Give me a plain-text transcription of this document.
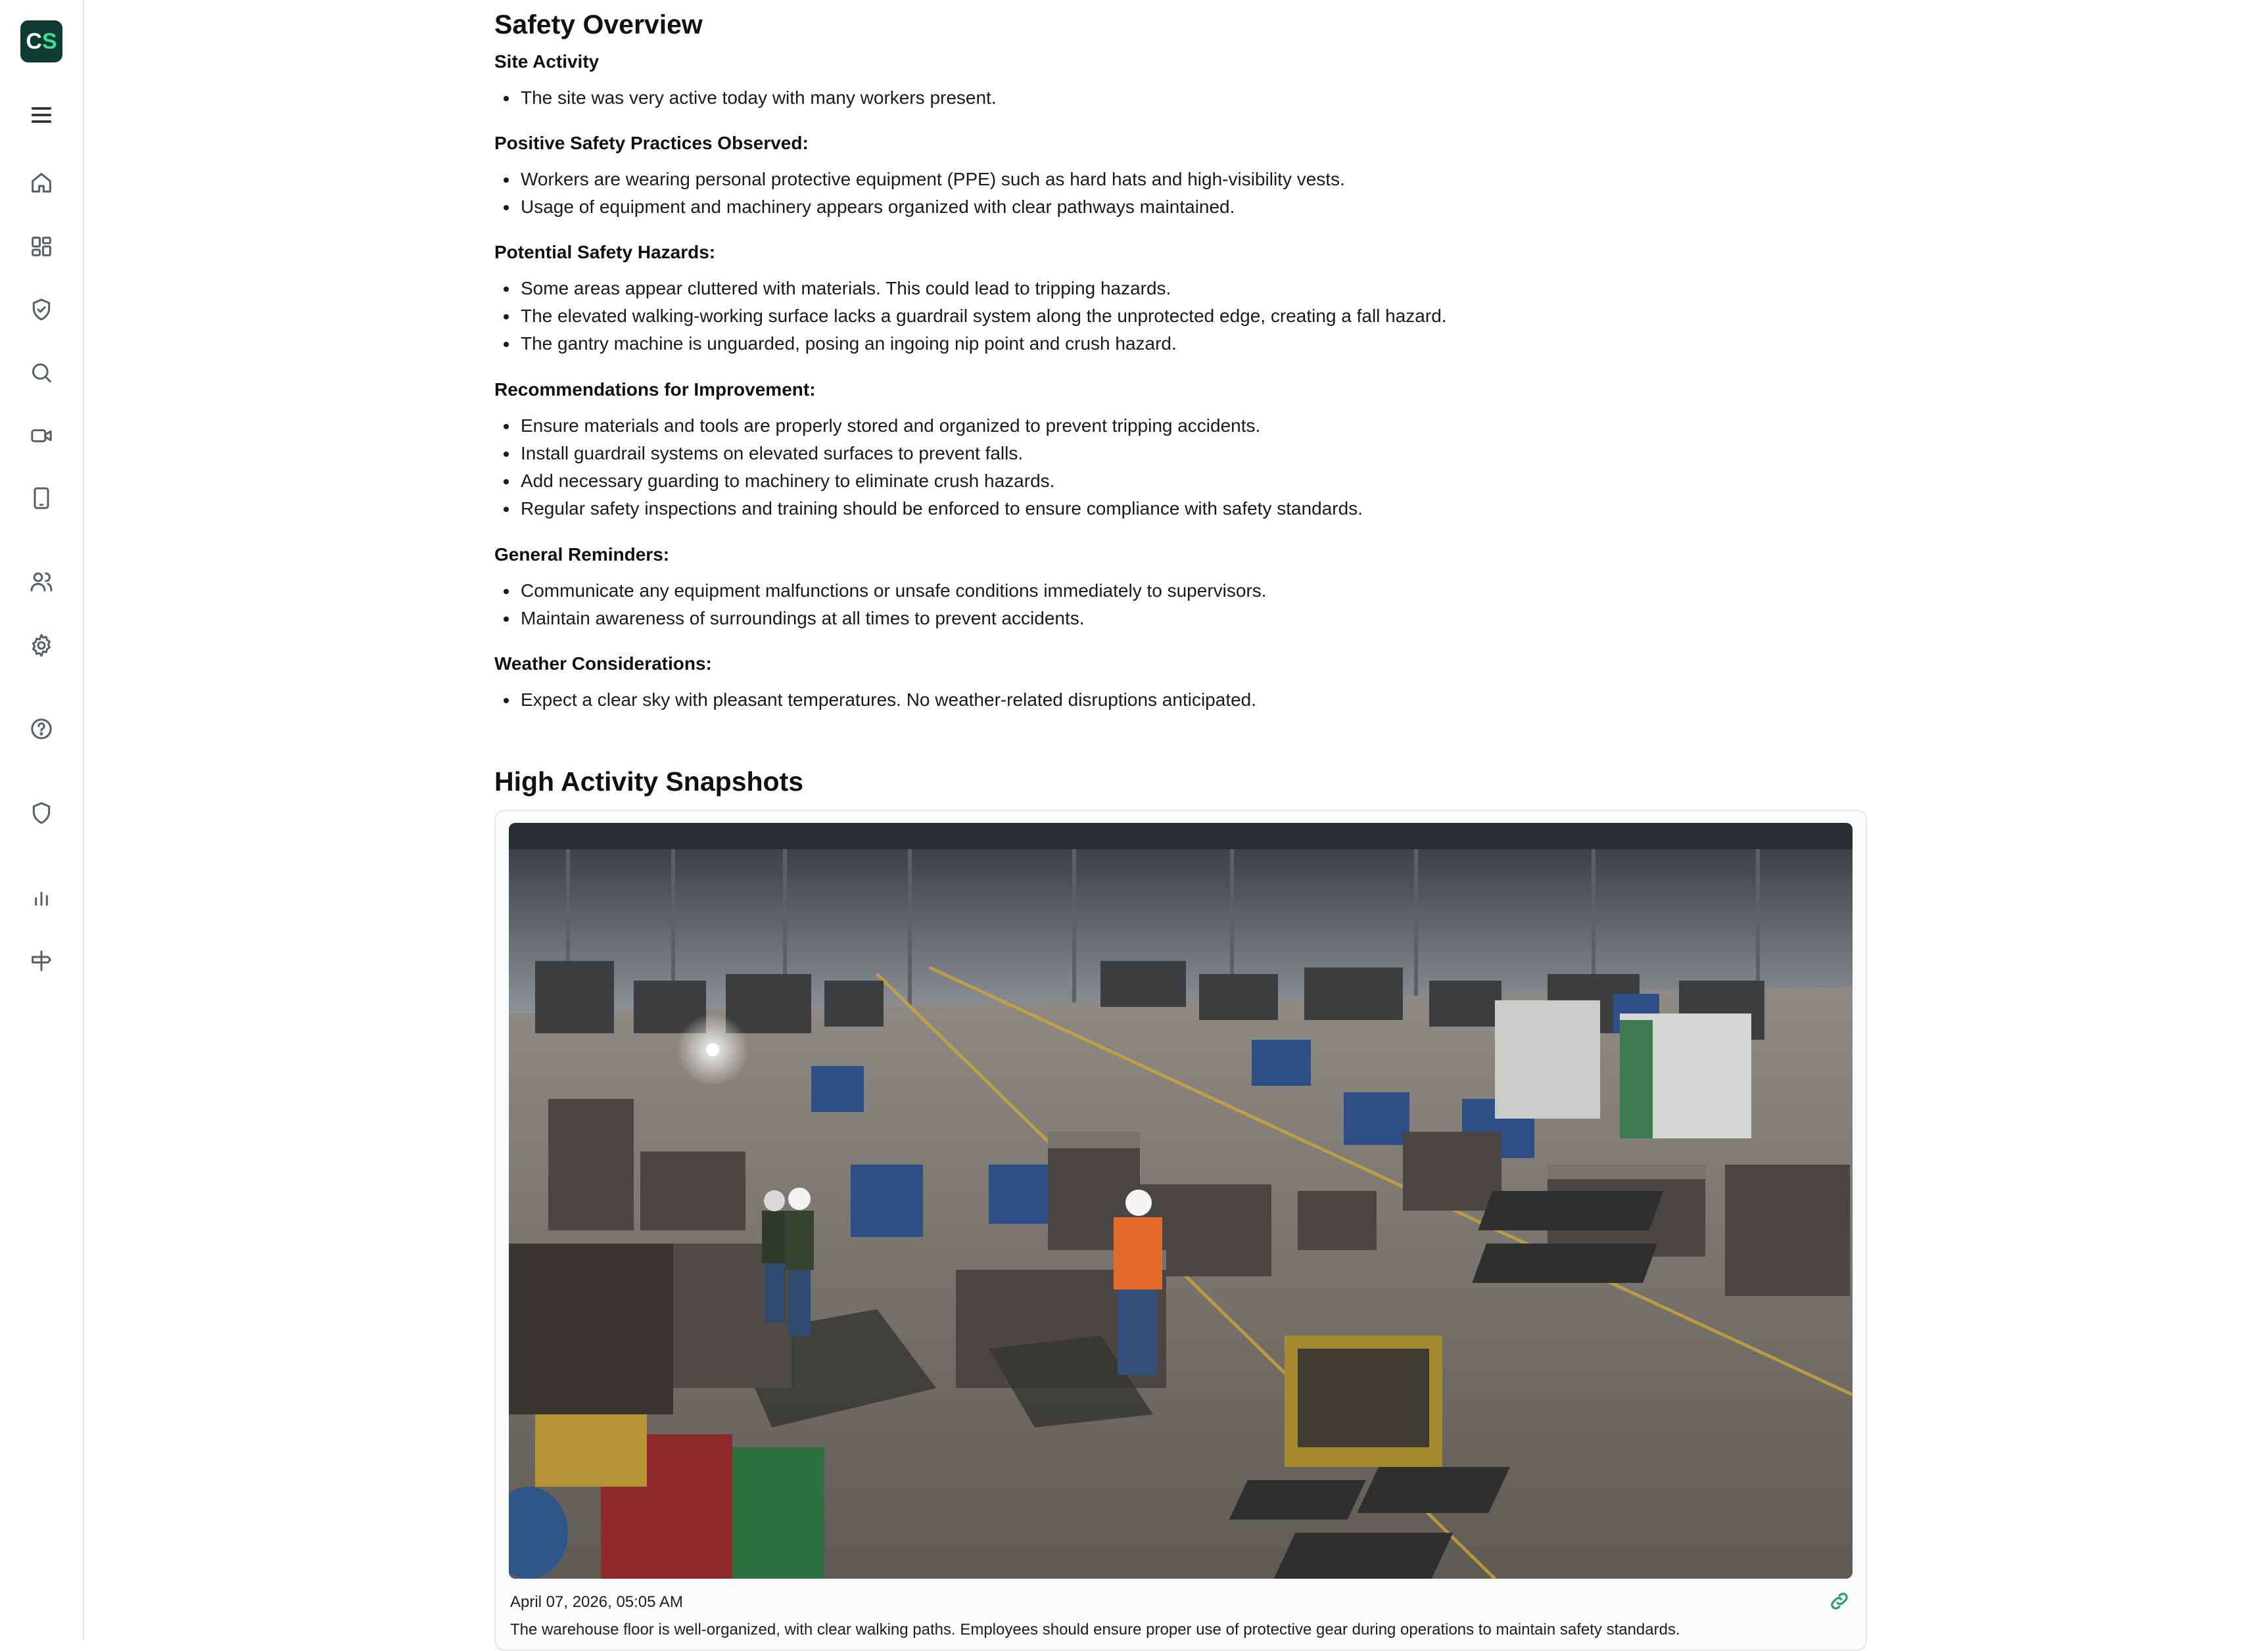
C S
Safety Overview
Site Activity
The site was very active today with many workers present.
Positive Safety Practices Observed:
Workers are wearing personal protective equipment (PPE) such as hard hats and high-visibility vests.
Usage of equipment and machinery appears organized with clear pathways maintained.
Potential Safety Hazards:
Some areas appear cluttered with materials. This could lead to tripping hazards.
The elevated walking-working surface lacks a guardrail system along the unprotected edge, creating a fall hazard.
The gantry machine is unguarded, posing an ingoing nip point and crush hazard.
Recommendations for Improvement:
Ensure materials and tools are properly stored and organized to prevent tripping accidents.
Install guardrail systems on elevated surfaces to prevent falls.
Add necessary guarding to machinery to eliminate crush hazards.
Regular safety inspections and training should be enforced to ensure compliance with safety standards.
General Reminders:
Communicate any equipment malfunctions or unsafe conditions immediately to supervisors.
Maintain awareness of surroundings at all times to prevent accidents.
Weather Considerations:
Expect a clear sky with pleasant temperatures. No weather-related disruptions anticipated.
High Activity Snapshots
April 07, 2026, 05:05 AM
The warehouse floor is well-organized, with clear walking paths. Employees should ensure proper use of protective gear during operations to maintain safety standards.
